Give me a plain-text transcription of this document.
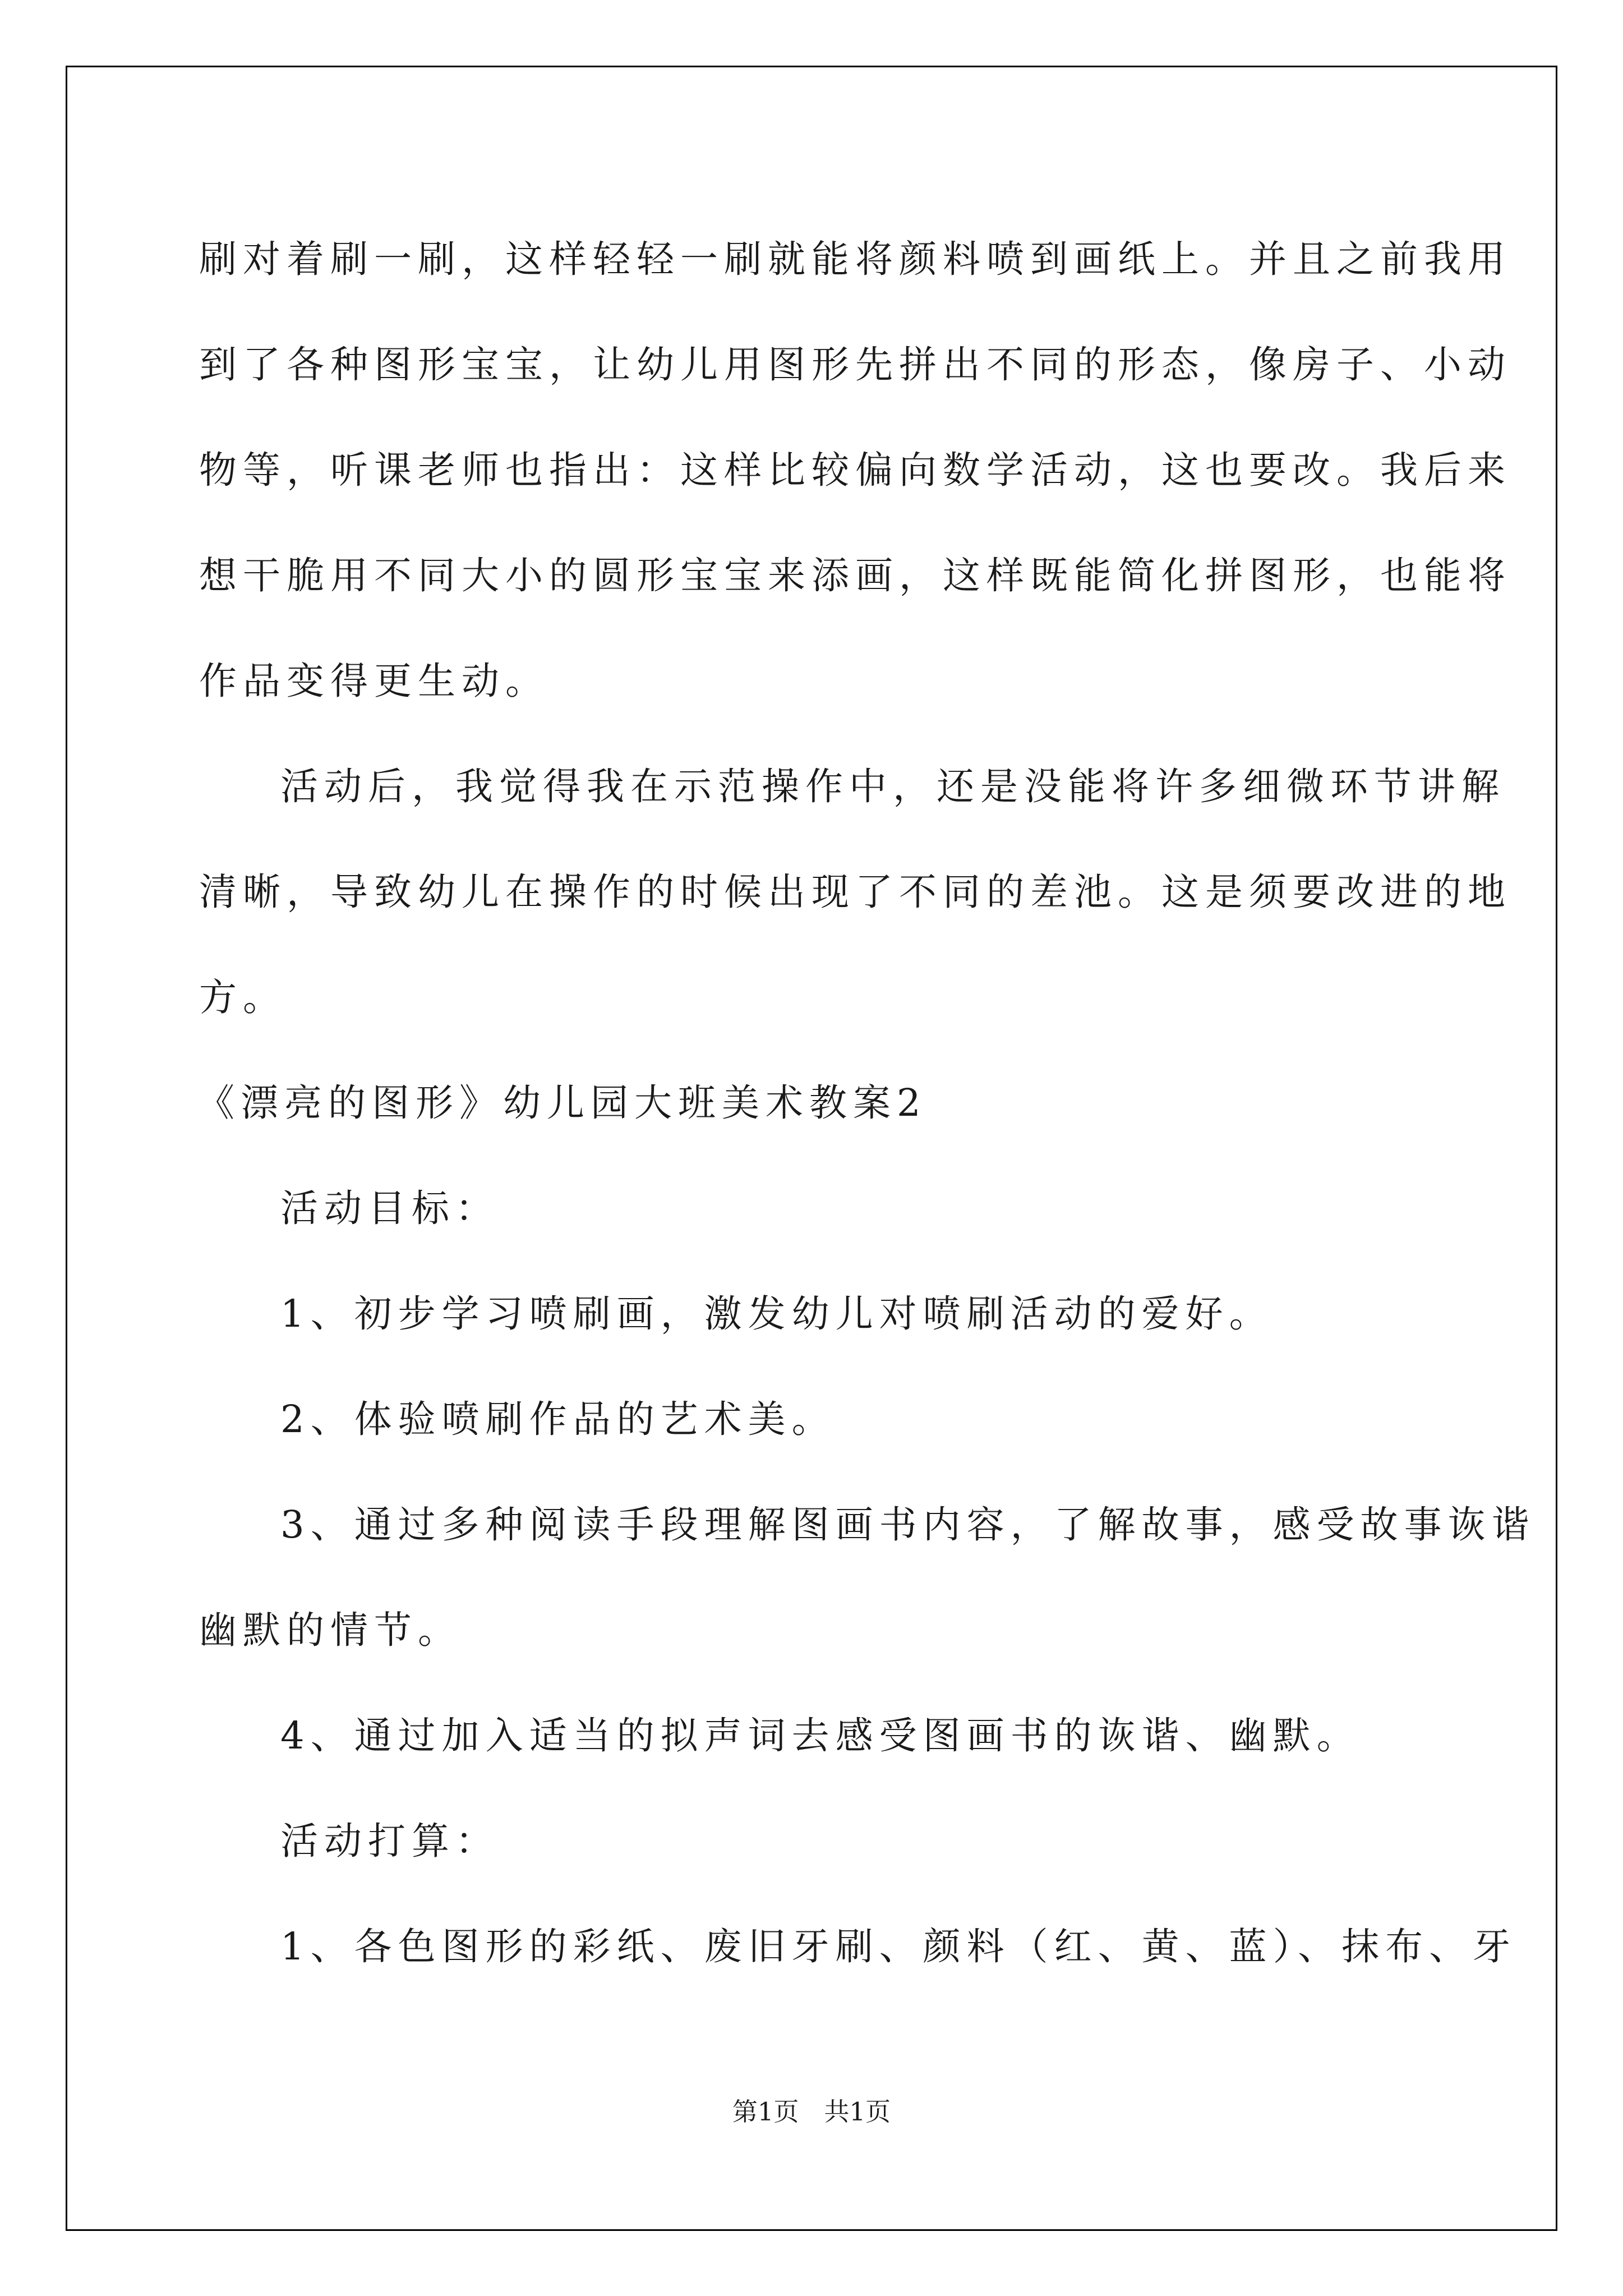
刷对着刷一刷，这样轻轻一刷就能将颜料喷到画纸上。并且之前我用
到了各种图形宝宝，让幼儿用图形先拼出不同的形态，像房子、小动
物等，听课老师也指出：这样比较偏向数学活动，这也要改。我后来
想干脆用不同大小的圆形宝宝来添画，这样既能简化拼图形，也能将
作品变得更生动。
活动后，我觉得我在示范操作中，还是没能将许多细微环节讲解
清晰，导致幼儿在操作的时候出现了不同的差池。这是须要改进的地
方。
《漂亮的图形》幼儿园大班美术教案2
活动目标：
1、初步学习喷刷画，激发幼儿对喷刷活动的爱好。
2、体验喷刷作品的艺术美。
3、通过多种阅读手段理解图画书内容，了解故事，感受故事诙谐
幽默的情节。
4、通过加入适当的拟声词去感受图画书的诙谐、幽默。
活动打算：
1、各色图形的彩纸、废旧牙刷、颜料（红、黄、蓝）、抹布、牙
第1页 共1页
